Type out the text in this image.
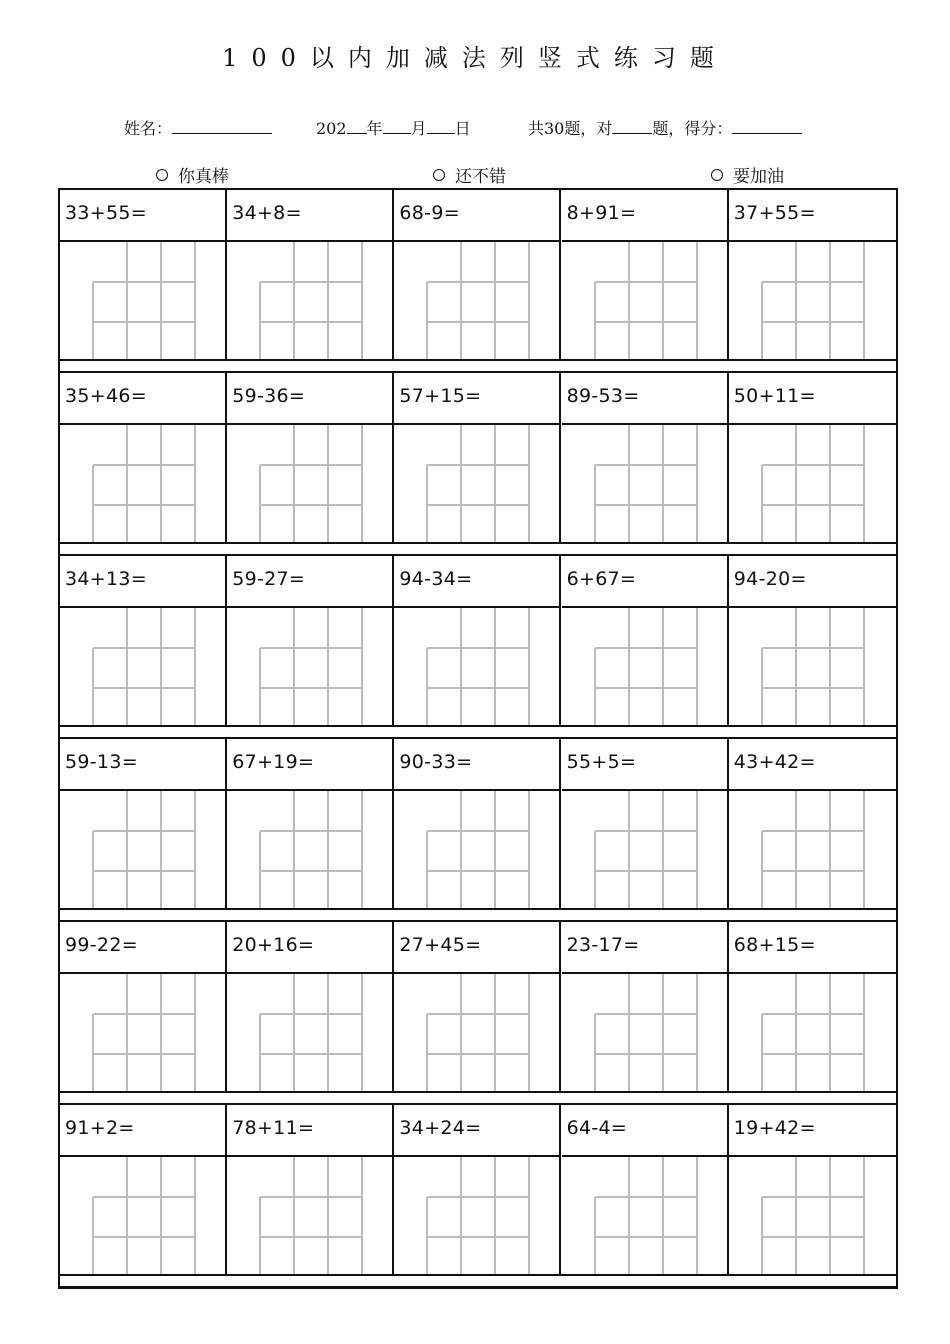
100以内加减法列竖式练习题
姓名：	202 年 月 日	共30题，对	题，得分：
你真棒	还不错	要加油
33+55=	34+8=	68-9=	8+91=	37+55=
35+46=	59-36=	57+15=	89-53=	50+11=
34+13=	59-27=	94-34=	6+67=	94-20=
59-13=	67+19=	90-33=	55+5=	43+42=
99-22=	20+16=	27+45=	23-17=	68+15=
91+2=	78+11=	34+24=	64-4=	19+42=
